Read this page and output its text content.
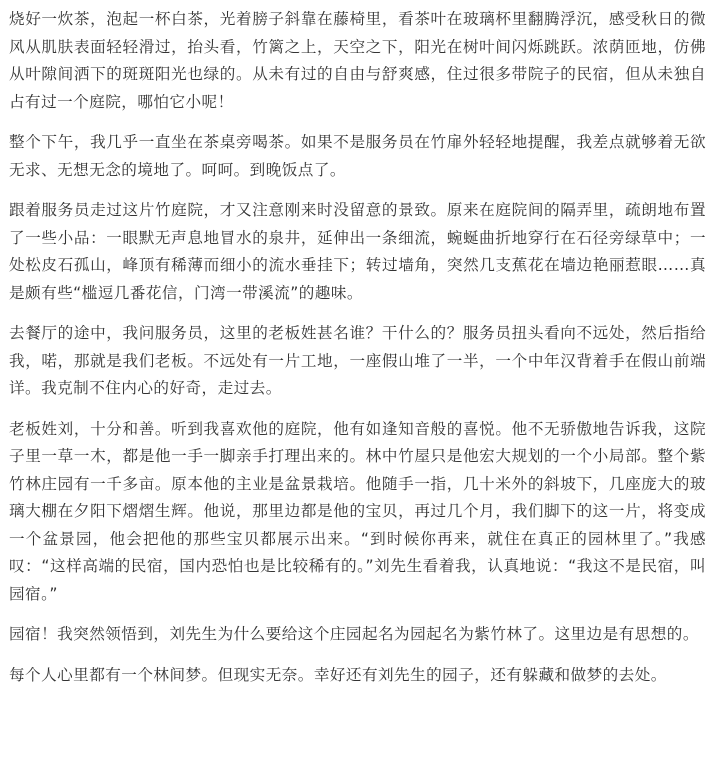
烧好一炊茶，泡起一杯白茶，光着膀子斜靠在藤椅里，看茶叶在玻璃杯里翻腾浮沉，感受秋日的微风从肌肤表面轻轻滑过，抬头看，竹篱之上，天空之下，阳光在树叶间闪烁跳跃。浓荫匝地，仿佛从叶隙间洒下的斑斑阳光也绿的。从未有过的自由与舒爽感，住过很多带院子的民宿，但从未独自占有过一个庭院，哪怕它小呢！

整个下午，我几乎一直坐在茶桌旁喝茶。如果不是服务员在竹扉外轻轻地提醒，我差点就够着无欲无求、无想无念的境地了。呵呵。到晚饭点了。

跟着服务员走过这片竹庭院，才又注意刚来时没留意的景致。原来在庭院间的隔弄里，疏朗地布置了一些小品：一眼默无声息地冒水的泉井，延伸出一条细流，蜿蜒曲折地穿行在石径旁绿草中；一处松皮石孤山，峰顶有稀薄而细小的流水垂挂下；转过墙角，突然几支蕉花在墙边艳丽惹眼……真是颇有些“槛逗几番花信，门湾一带溪流”的趣味。

去餐厅的途中，我问服务员，这里的老板姓甚名谁？干什么的？服务员扭头看向不远处，然后指给我，喏，那就是我们老板。不远处有一片工地，一座假山堆了一半，一个中年汉背着手在假山前端详。我克制不住内心的好奇，走过去。

老板姓刘，十分和善。听到我喜欢他的庭院，他有如逢知音般的喜悦。他不无骄傲地告诉我，这院子里一草一木，都是他一手一脚亲手打理出来的。林中竹屋只是他宏大规划的一个小局部。整个紫竹林庄园有一千多亩。原本他的主业是盆景栽培。他随手一指，几十米外的斜坡下，几座庞大的玻璃大棚在夕阳下熠熠生辉。他说，那里边都是他的宝贝，再过几个月，我们脚下的这一片，将变成一个盆景园，他会把他的那些宝贝都展示出来。“到时候你再来，就住在真正的园林里了。”我感叹：“这样高端的民宿，国内恐怕也是比较稀有的。”刘先生看着我，认真地说：“我这不是民宿，叫园宿。”

园宿！我突然领悟到，刘先生为什么要给这个庄园起名为园起名为紫竹林了。这里边是有思想的。

每个人心里都有一个林间梦。但现实无奈。幸好还有刘先生的园子，还有躲藏和做梦的去处。
